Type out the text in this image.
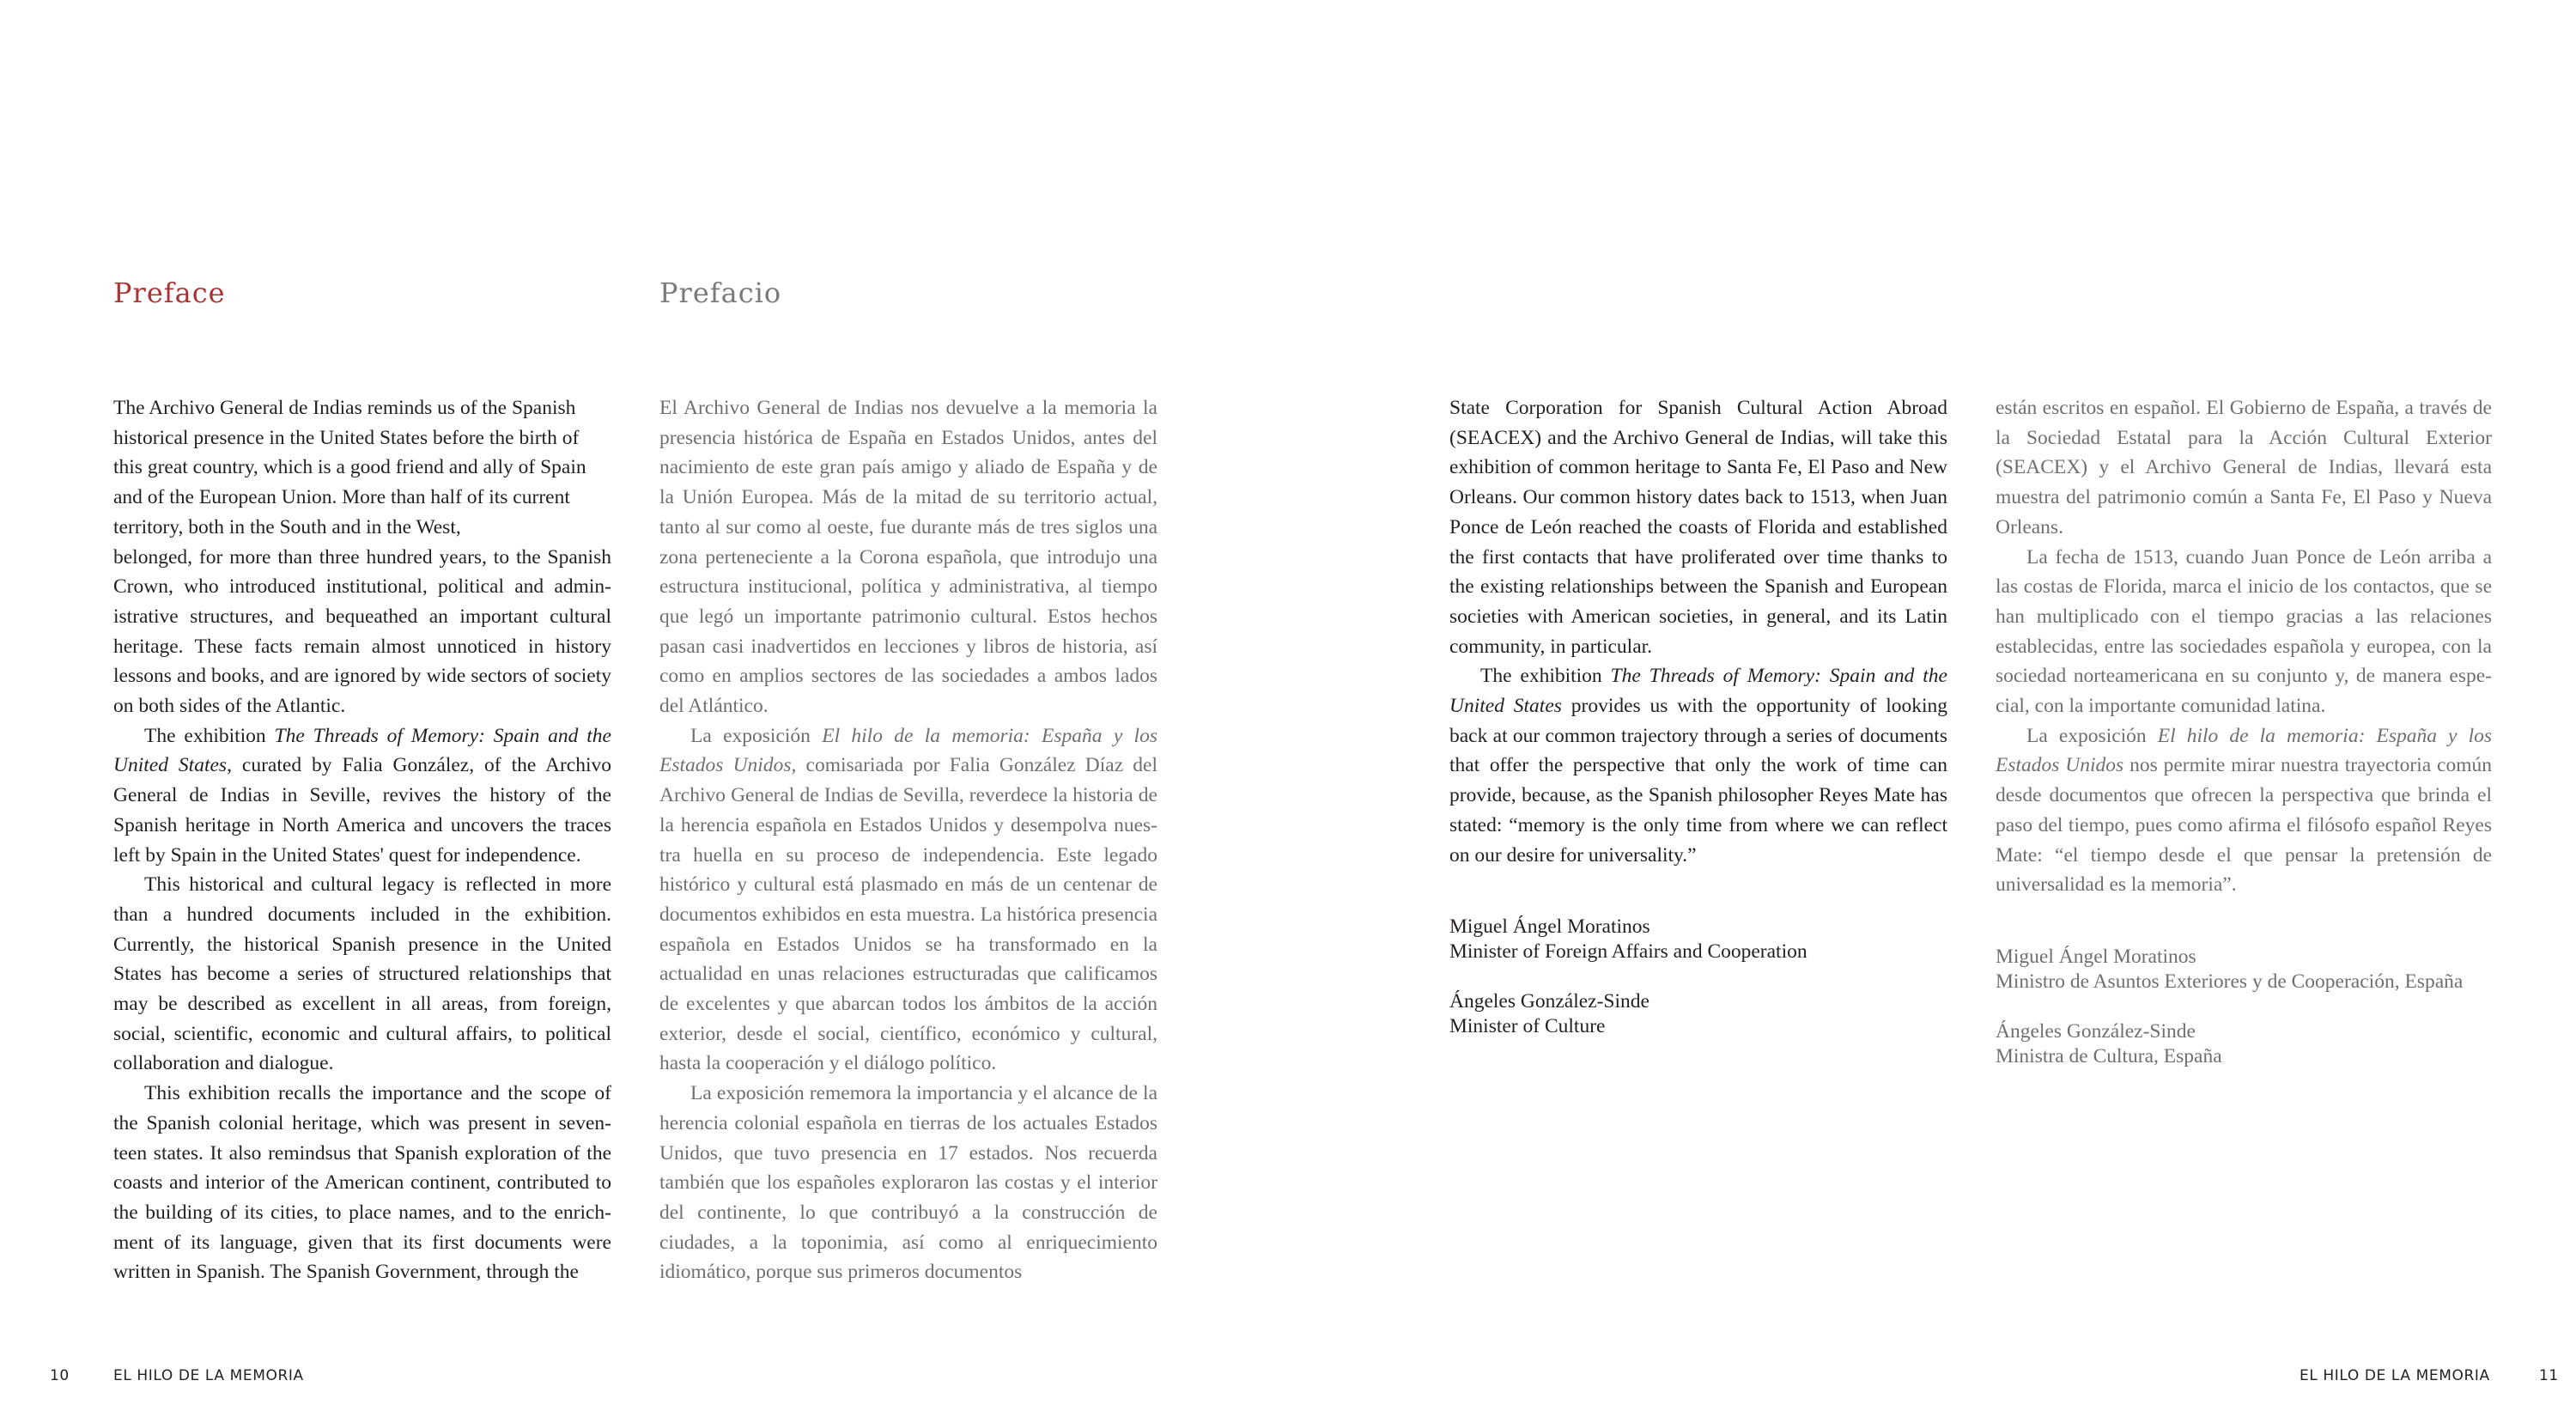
Preface	Prefacio

The Archivo General de Indias reminds us of the Spanish historical presence in the United States before the birth of this great country, which is a good friend and ally of Spain and of the European Union. More than half of its current territory, both in the South and in the West,

belonged, for more than three hundred years, to the Spanish Crown, who introduced institutional, political and administrative structures, and bequeathed an important cultural heritage. These facts remain almost unnoticed in history lessons and books, and are ignored by wide sectors of society on both sides of the Atlantic.

The exhibition The Threads of Memory: Spain and the United States, curated by Falia González, of the Archivo General de Indias in Seville, revives the history of the Spanish heritage in North America and uncovers the traces left by Spain in the United States' quest for independence.

This historical and cultural legacy is reflected in more than a hundred documents included in the exhibition. Currently, the historical Spanish presence in the United States has become a series of structured relationships that may be described as excellent in all areas, from foreign, social, scientific, economic and cultural affairs, to political collaboration and dialogue.

This exhibition recalls the importance and the scope of the Spanish colonial heritage, which was present in seventeen states. It also remindsus that Spanish exploration of the coasts and interior of the American continent, contributed to the building of its cities, to place names, and to the enrichment of its language, given that its first documents were written in Spanish. The Spanish Government, through the

El Archivo General de Indias nos devuelve a la memoria la presencia histórica de España en Estados Unidos, antes del nacimiento de este gran país amigo y aliado de España y de la Unión Europea. Más de la mitad de su territorio actual, tanto al sur como al oeste, fue durante más de tres siglos una zona perteneciente a la Corona española, que introdujo una estructura institucional, política y administrativa, al tiempo que legó un importante patrimonio cultural. Estos hechos pasan casi inadvertidos en lecciones y libros de historia, así como en amplios sectores de las sociedades a ambos lados del Atlántico.

La exposición El hilo de la memoria: España y los Estados Unidos, comisariada por Falia González Díaz del Archivo General de Indias de Sevilla, reverdece la historia de la herencia española en Estados Unidos y desempolva nuestra huella en su proceso de independencia. Este legado histórico y cultural está plasmado en más de un centenar de documentos exhibidos en esta muestra. La histórica presencia española en Estados Unidos se ha transformado en la actualidad en unas relaciones estructuradas que calificamos de excelentes y que abarcan todos los ámbitos de la acción exterior, desde el social, científico, económico y cultural, hasta la cooperación y el diálogo político.

La exposición rememora la importancia y el alcance de la herencia colonial española en tierras de los actuales Estados Unidos, que tuvo presencia en 17 estados. Nos recuerda también que los españoles exploraron las costas y el interior del continente, lo que contribuyó a la construcción de ciudades, a la toponimia, así como al enriquecimiento idiomático, porque sus primeros documentos

10	EL HILO DE LA MEMORIA

State Corporation for Spanish Cultural Action Abroad (SEACEX) and the Archivo General de Indias, will take this exhibition of common heritage to Santa Fe, El Paso and New Orleans. Our common history dates back to 1513, when Juan Ponce de León reached the coasts of Florida and established the first contacts that have proliferated over time thanks to the existing relationships between the Spanish and European societies with American societies, in general, and its Latin community, in particular.

The exhibition The Threads of Memory: Spain and the United States provides us with the opportunity of looking back at our common trajectory through a series of documents that offer the perspective that only the work of time can provide, because, as the Spanish philosopher Reyes Mate has stated: “memory is the only time from where we can reflect on our desire for universality.”

Miguel Ángel Moratinos
Minister of Foreign Affairs and Cooperation
Ángeles González-Sinde
Minister of Culture

están escritos en español. El Gobierno de España, a través de la Sociedad Estatal para la Acción Cultural Exterior (SEACEX) y el Archivo General de Indias, llevará esta muestra del patrimonio común a Santa Fe, El Paso y Nueva Orleans.

La fecha de 1513, cuando Juan Ponce de León arriba a las costas de Florida, marca el inicio de los contactos, que se han multiplicado con el tiempo gracias a las relaciones establecidas, entre las sociedades española y europea, con la sociedad norteamericana en su conjunto y, de manera especial, con la importante comunidad latina.

La exposición El hilo de la memoria: España y los Estados Unidos nos permite mirar nuestra trayectoria común desde documentos que ofrecen la perspectiva que brinda el paso del tiempo, pues como afirma el filósofo español Reyes Mate: “el tiempo desde el que pensar la pretensión de universalidad es la memoria”.

Miguel Ángel Moratinos
Ministro de Asuntos Exteriores y de Cooperación, España
Ángeles González-Sinde
Ministra de Cultura, España
EL HILO DE LA MEMORIA	11
